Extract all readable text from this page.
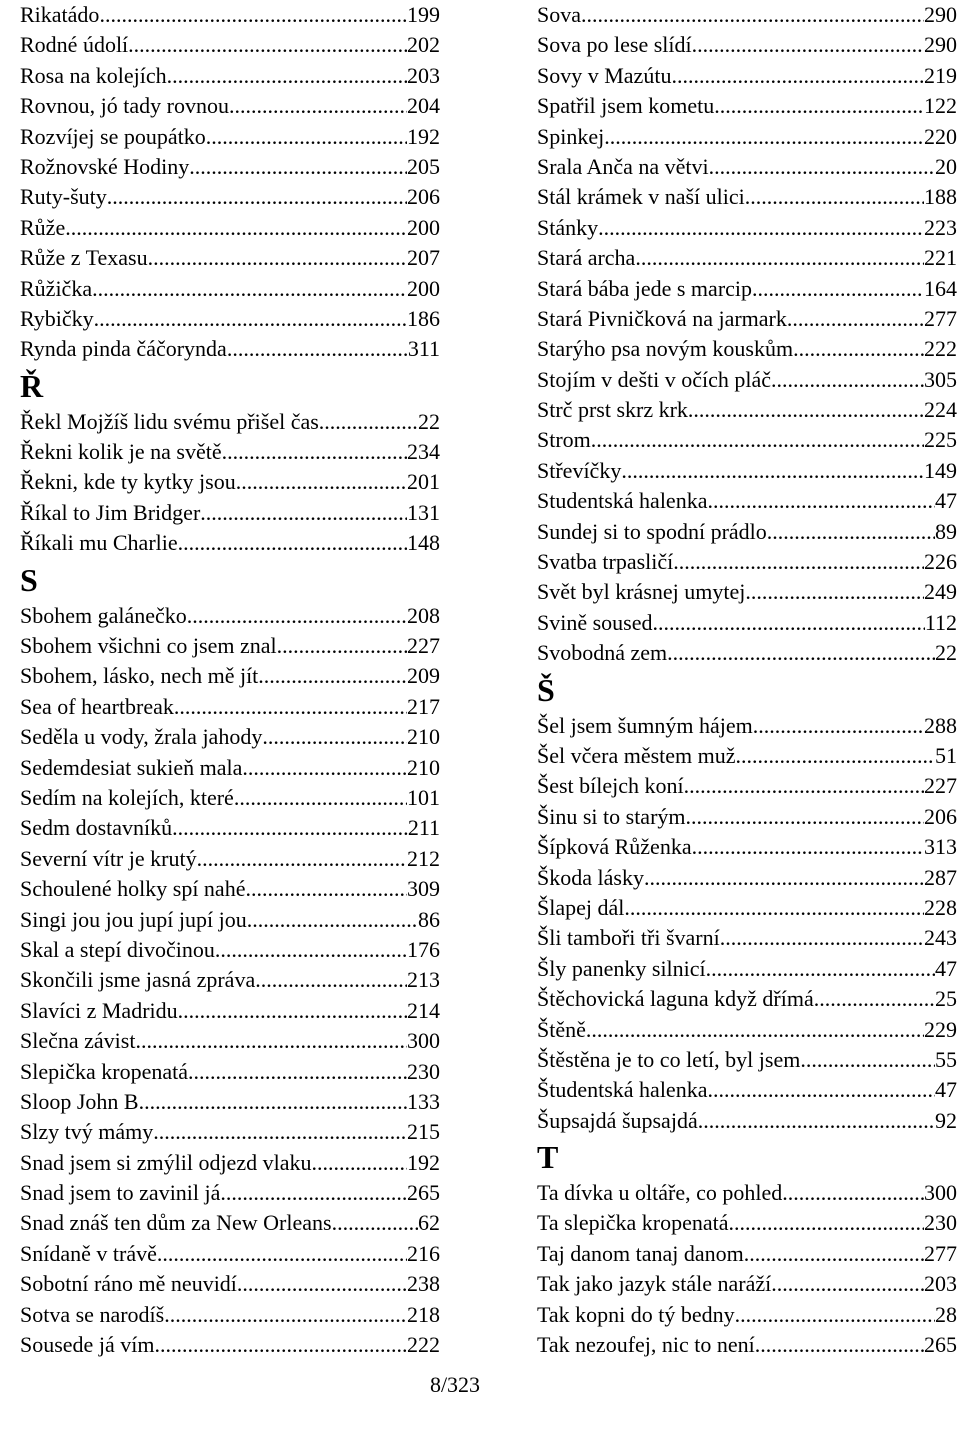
Rikatádo .....	199
Rodné údolí .....	202
Rosa na kolejích .....	203
Rovnou, jó tady rovnou .....	204
Rozvíjej se poupátko .....	192
Rožnovské Hodiny .....	205
Ruty-šuty .....	206
Růže .....	200
Růže z Texasu .....	207
Růžička .....	200
Rybičky .....	186
Rynda pinda čáčorynda .....	311
Ř
Řekl Mojžíš lidu svému přišel čas .....	22
Řekni kolik je na světě .....	234
Řekni, kde ty kytky jsou .....	201
Říkal to Jim Bridger .....	131
Říkali mu Charlie .....	148
S
Sbohem galánečko .....	208
Sbohem všichni co jsem znal .....	227
Sbohem, lásko, nech mě jít .....	209
Sea of heartbreak .....	217
Seděla u vody, žrala jahody .....	210
Sedemdesiat sukieň mala .....	210
Sedím na kolejích, které .....	101
Sedm dostavníků .....	211
Severní vítr je krutý .....	212
Schoulené holky spí nahé .....	309
Singi jou jou jupí jupí jou .....	86
Skal a stepí divočinou .....	176
Skončili jsme jasná zpráva .....	213
Slavíci z Madridu .....	214
Slečna závist .....	300
Slepička kropenatá .....	230
Sloop John B .....	133
Slzy tvý mámy .....	215
Snad jsem si zmýlil odjezd vlaku .....	192
Snad jsem to zavinil já .....	265
Snad znáš ten dům za New Orleans .....	62
Snídaně v trávě .....	216
Sobotní ráno mě neuvidí .....	238
Sotva se narodíš .....	218
Sousede já vím .....	222
Sova .....	290
Sova po lese slídí .....	290
Sovy v Mazútu .....	219
Spatřil jsem kometu .....	122
Spinkej .....	220
Srala Anča na větvi .....	20
Stál krámek v naší ulici .....	188
Stánky .....	223
Stará archa .....	221
Stará bába jede s marcip. .....	164
Stará Pivničková na jarmark .....	277
Starýho psa novým kouskům .....	222
Stojím v dešti v očích pláč .....	305
Strč prst skrz krk .....	224
Strom .....	225
Střevíčky .....	149
Studentská halenka .....	47
Sundej si to spodní prádlo .....	89
Svatba trpasličí .....	226
Svět byl krásnej umytej .....	249
Svině soused .....	112
Svobodná zem .....	22
Š
Šel jsem šumným hájem .....	288
Šel včera městem muž .....	51
Šest bílejch koní .....	227
Šinu si to starým .....	206
Šípková Růženka .....	313
Škoda lásky .....	287
Šlapej dál .....	228
Šli tamboři tři švarní .....	243
Šly panenky silnicí .....	47
Štěchovická laguna když dřímá .....	25
Štěně .....	229
Štěstěna je to co letí, byl jsem .....	55
Študentská halenka .....	47
Šupsajdá šupsajdá .....	92
T
Ta dívka u oltáře, co pohled .....	300
Ta slepička kropenatá .....	230
Taj danom tanaj danom .....	277
Tak jako jazyk stále naráží .....	203
Tak kopni do tý bedny .....	28
Tak nezoufej, nic to není .....	265
8/323
